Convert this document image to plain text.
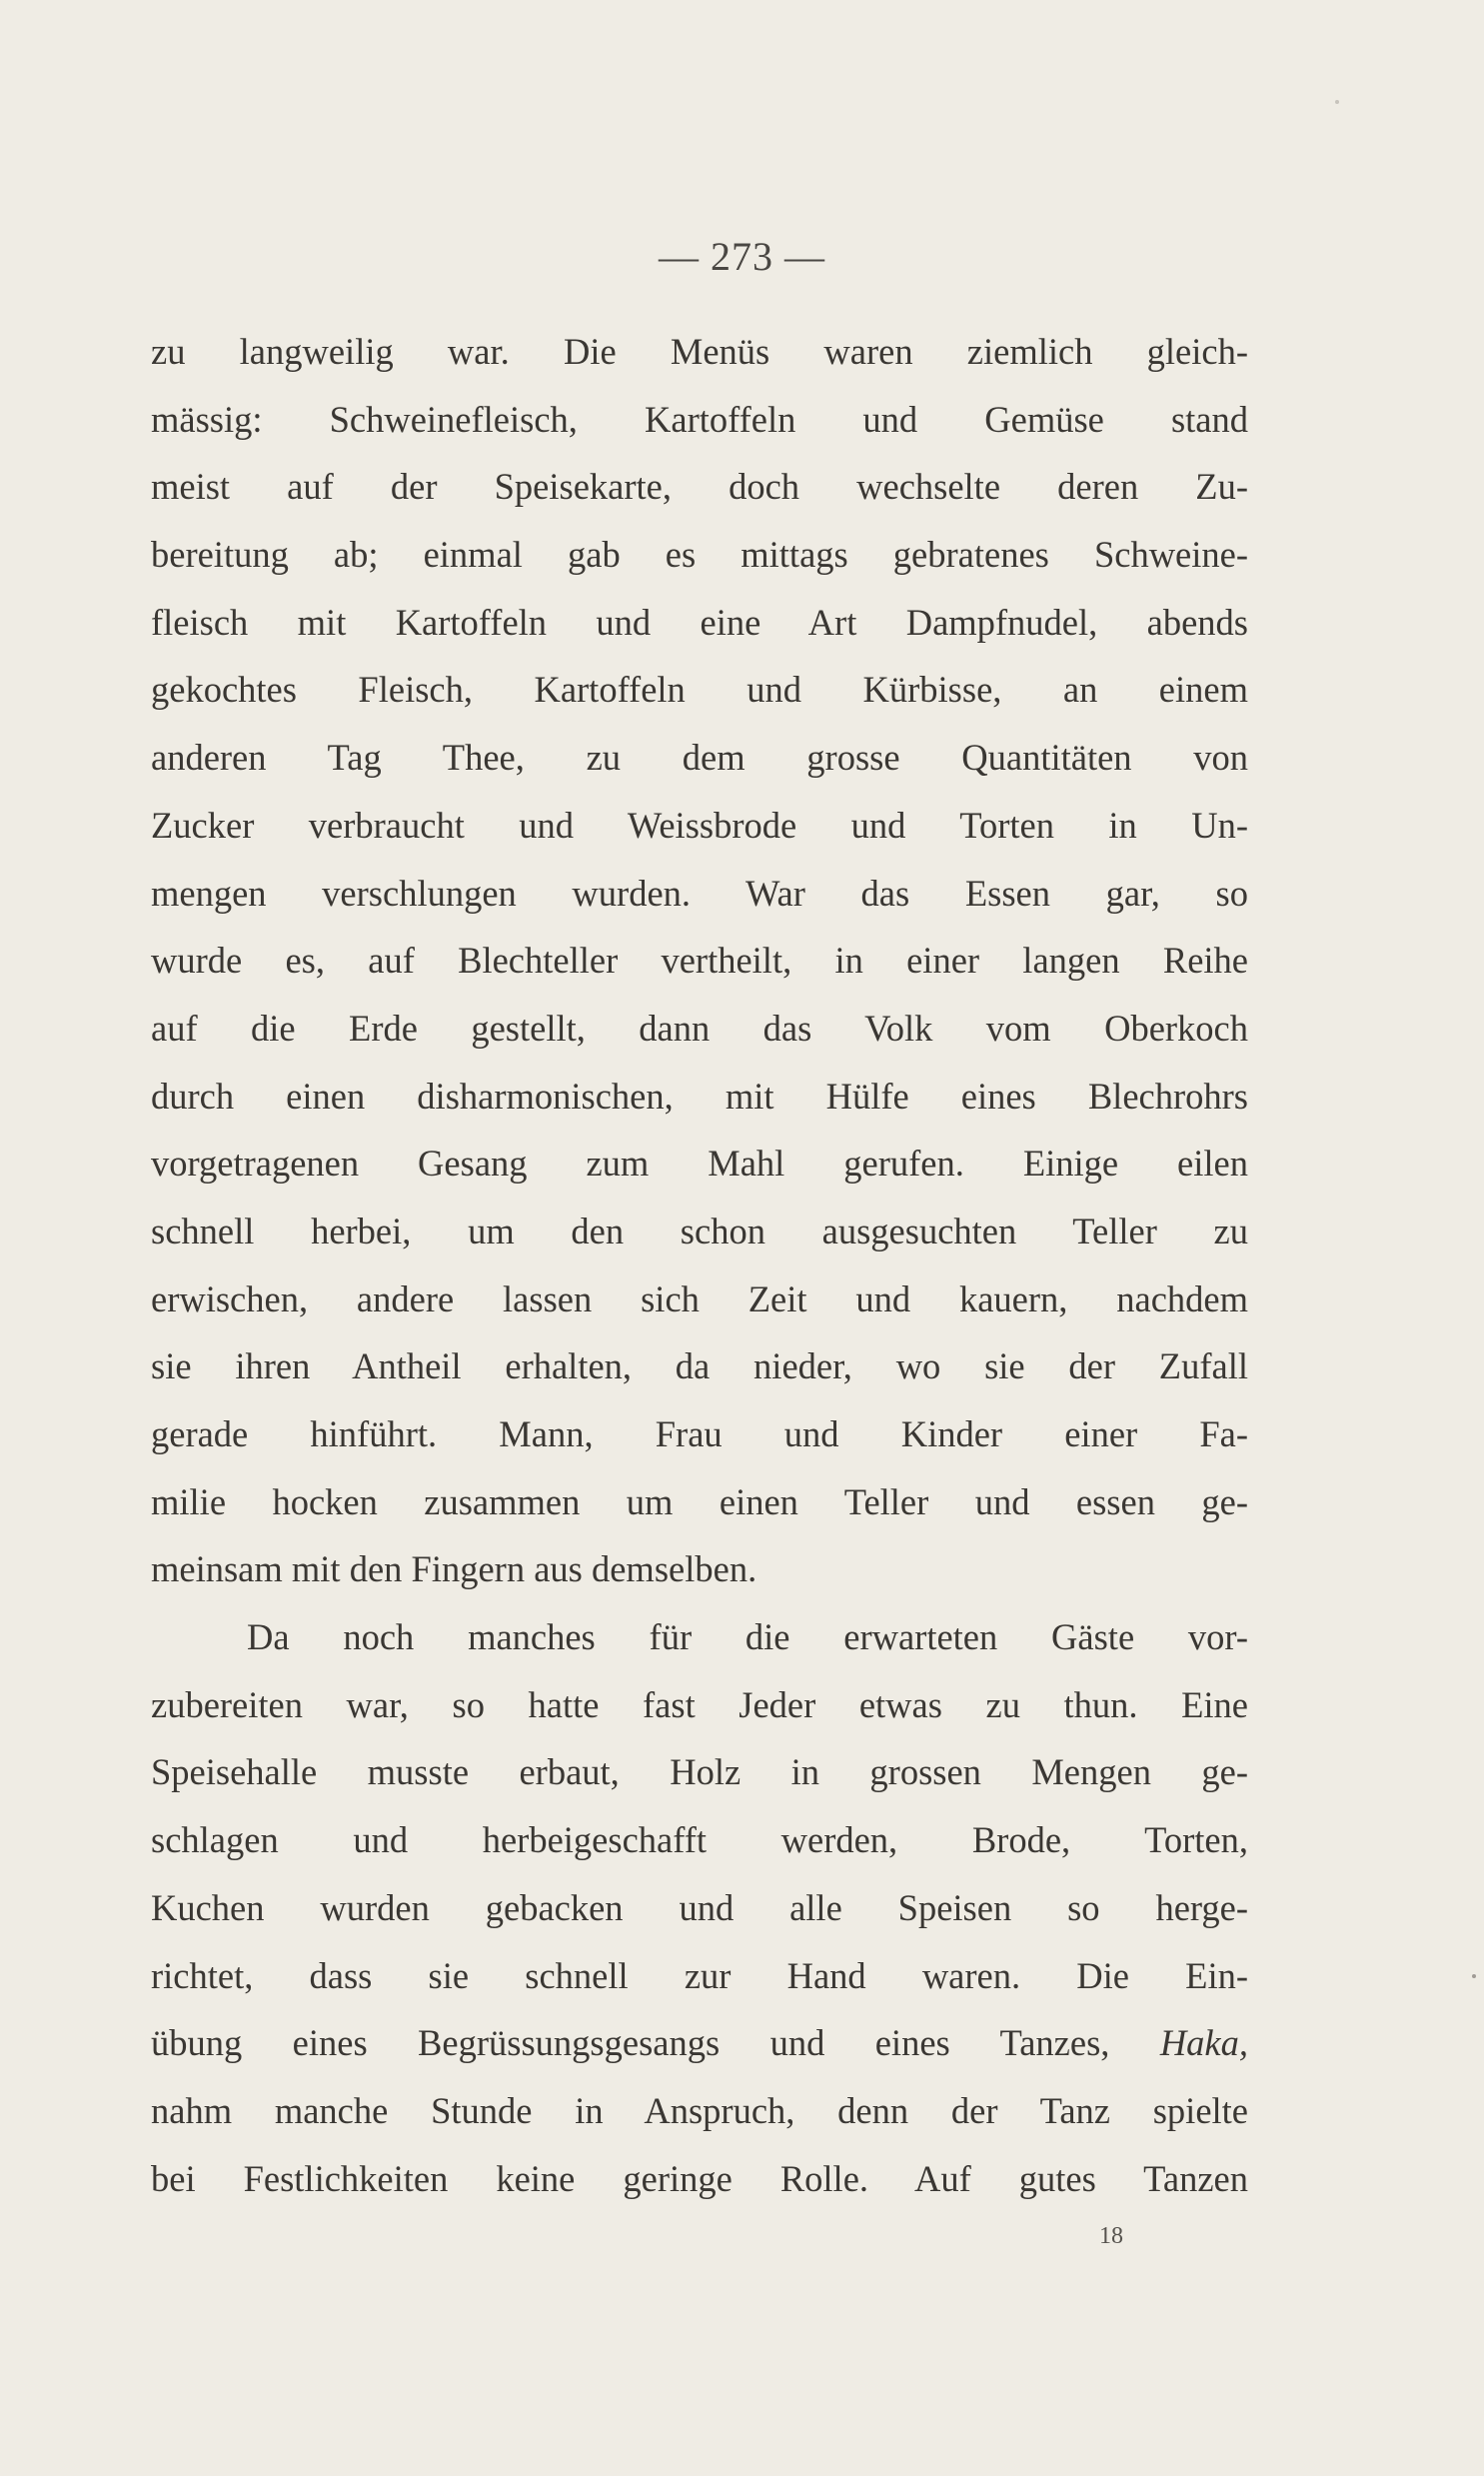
— 273 —
zu langweilig war. Die Menüs waren ziemlich gleich-
mässig: Schweinefleisch, Kartoffeln und Gemüse stand
meist auf der Speisekarte, doch wechselte deren Zu-
bereitung ab; einmal gab es mittags gebratenes Schweine-
fleisch mit Kartoffeln und eine Art Dampfnudel, abends
gekochtes Fleisch, Kartoffeln und Kürbisse, an einem
anderen Tag Thee, zu dem grosse Quantitäten von
Zucker verbraucht und Weissbrode und Torten in Un-
mengen verschlungen wurden. War das Essen gar, so
wurde es, auf Blechteller vertheilt, in einer langen Reihe
auf die Erde gestellt, dann das Volk vom Oberkoch
durch einen disharmonischen, mit Hülfe eines Blechrohrs
vorgetragenen Gesang zum Mahl gerufen. Einige eilen
schnell herbei, um den schon ausgesuchten Teller zu
erwischen, andere lassen sich Zeit und kauern, nachdem
sie ihren Antheil erhalten, da nieder, wo sie der Zufall
gerade hinführt. Mann, Frau und Kinder einer Fa-
milie hocken zusammen um einen Teller und essen ge-
meinsam mit den Fingern aus demselben.
Da noch manches für die erwarteten Gäste vor-
zubereiten war, so hatte fast Jeder etwas zu thun. Eine
Speisehalle musste erbaut, Holz in grossen Mengen ge-
schlagen und herbeigeschafft werden, Brode, Torten,
Kuchen wurden gebacken und alle Speisen so herge-
richtet, dass sie schnell zur Hand waren. Die Ein-
übung eines Begrüssungsgesangs und eines Tanzes, Haka,
nahm manche Stunde in Anspruch, denn der Tanz spielte
bei Festlichkeiten keine geringe Rolle. Auf gutes Tanzen
18
